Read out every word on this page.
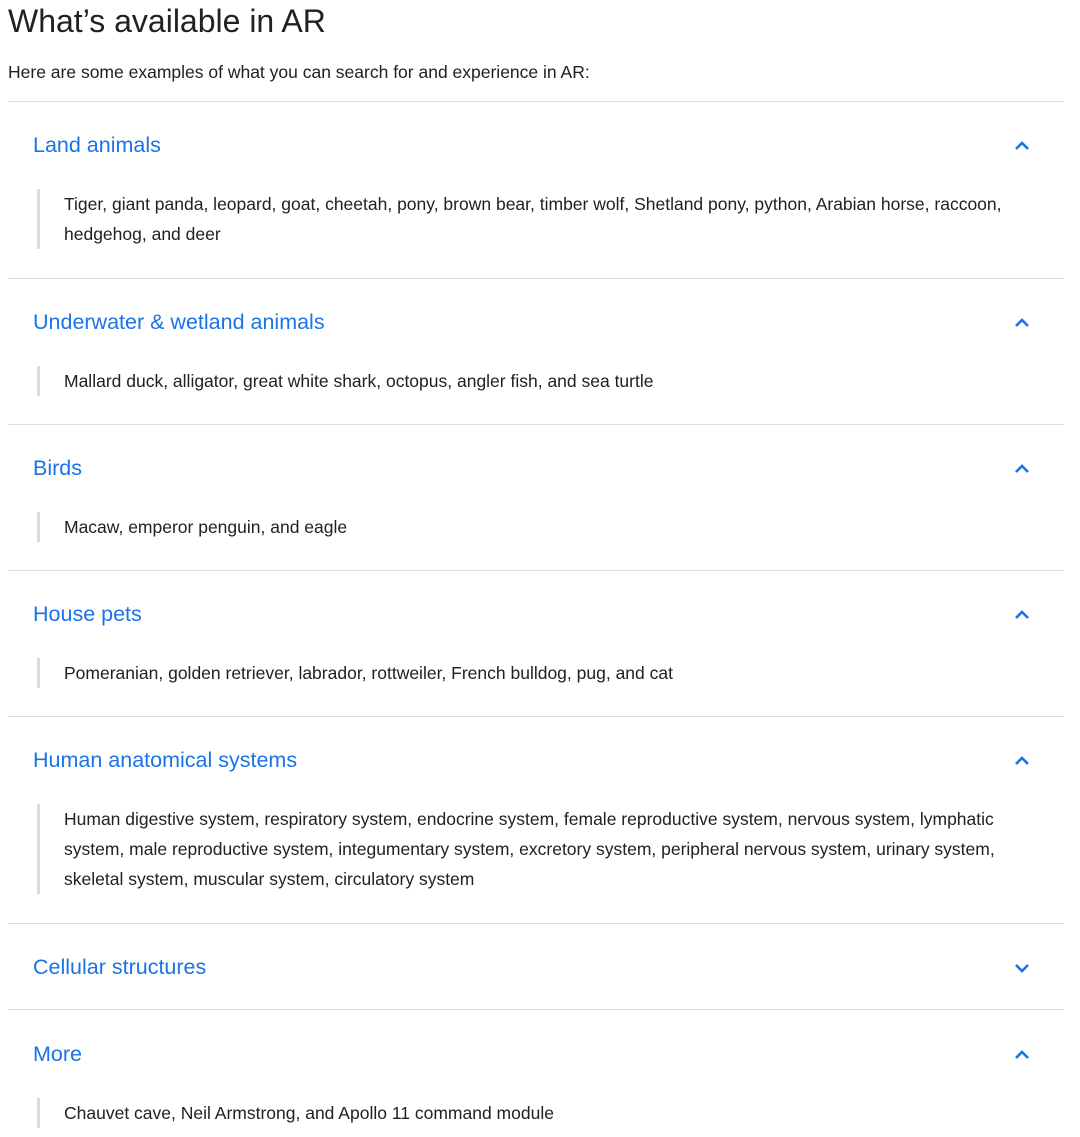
What’s available in AR

Here are some examples of what you can search for and experience in AR:

Land animals
Tiger, giant panda, leopard, goat, cheetah, pony, brown bear, timber wolf, Shetland pony, python, Arabian horse, raccoon, hedgehog, and deer
Underwater & wetland animals
Mallard duck, alligator, great white shark, octopus, angler fish, and sea turtle
Birds
Macaw, emperor penguin, and eagle
House pets
Pomeranian, golden retriever, labrador, rottweiler, French bulldog, pug, and cat
Human anatomical systems
Human digestive system, respiratory system, endocrine system, female reproductive system, nervous system, lymphatic system, male reproductive system, integumentary system, excretory system, peripheral nervous system, urinary system, skeletal system, muscular system, circulatory system
Cellular structures
More
Chauvet cave, Neil Armstrong, and Apollo 11 command module
